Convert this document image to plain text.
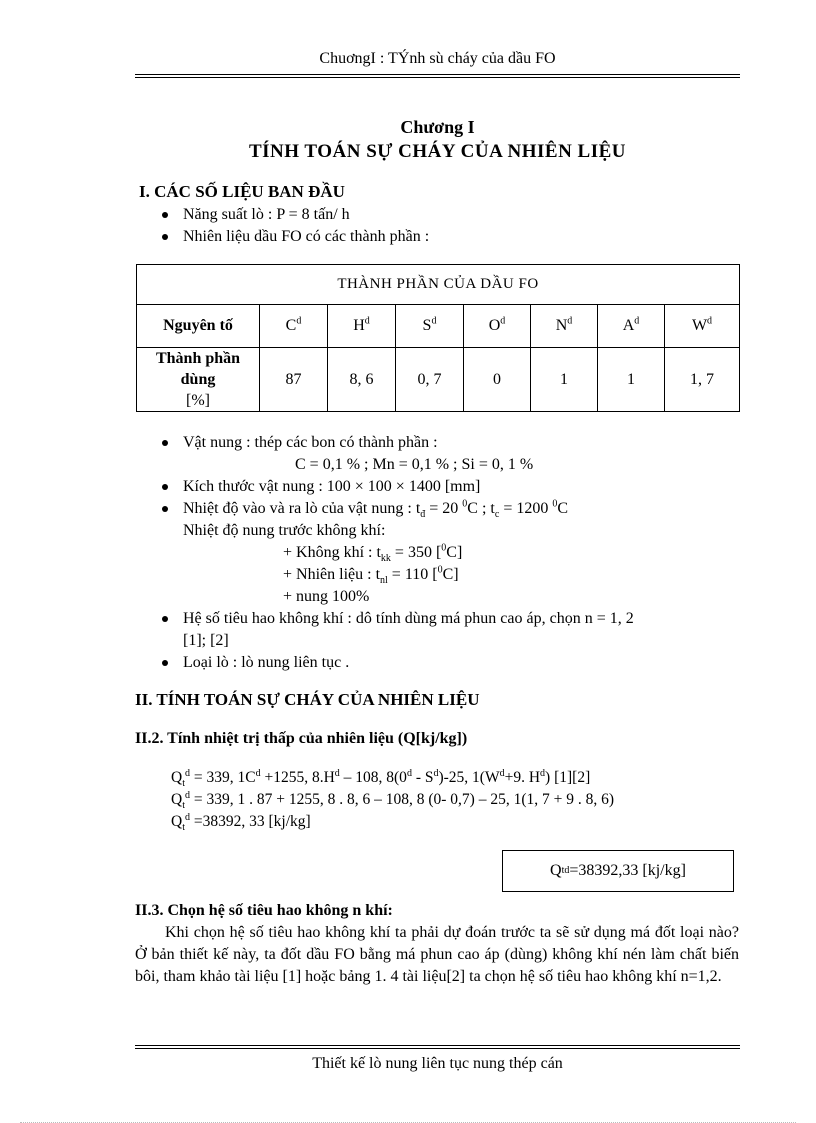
ChuơngI : TÝnh sù cháy của dầu FO
Chương I
TÍNH TOÁN SỰ CHÁY CỦA NHIÊN LIỆU
I. CÁC SỐ LIỆU BAN ĐẦU
Năng suất lò : P = 8 tấn/ h
Nhiên liệu dầu FO có các thành phần :
THÀNH PHẦN CỦA DẦU FO							
Nguyên tố	$C^d$	$H^d$	$S^d$	$O^d$	$N^d$	$A^d$	$W^d$

Thành phần
dùng
[%]	87	8, 6	0, 7	0	1	1	1, 7
Vật nung : thép các bon có thành phần :
C = 0,1 % ; Mn = 0,1 % ; Si = 0, 1 %
Kích thước vật nung : 100 × 100 × 1400 [mm]
Nhiệt độ vào và ra lò của vật nung : $t_đ = 20$ $^0$C ; $t_c = 1200$ $^0$C
Nhiệt độ nung trước không khí:
+ Không khí : $t_{kk} = 350$ [$^0$C]
+ Nhiên liệu : $t_{nl} = 110$ [$^0$C]
+ nung 100%
Hệ số tiêu hao không khí : dô tính dùng má phun cao áp, chọn n = 1, 2
[1]; [2]
Loại lò : lò nung liên tục .
II. TÍNH TOÁN SỰ CHÁY CỦA NHIÊN LIỆU
II.2. Tính nhiệt trị thấp của nhiên liệu (Q[kj/kg])
$Q_t^d = 339$, $1C^d +1255$, $8.H^d - 108$, $8(0^d - S^d)-25$, $1(W^d+9$. $H^d$) [1][2]
$Q_t^d = 339$, 1 . 87 + 1255, 8 . 8, 6 – 108, 8 (0- 0,7) – 25, 1(1, 7 + 9 . 8, 6)
$Q_t^d =38392$, 33 [kj/kg]
Q t d =38392,33 [kj/kg]
II.3. Chọn hệ số tiêu hao không n khí:
Khi chọn hệ số tiêu hao không khí ta phải dự đoán trước ta sẽ sử dụng má đốt loại nào? Ở bản thiết kế này, ta đốt dầu FO bằng má phun cao áp (dùng) không khí nén làm chất biến bôi, tham khảo tài liệu [1] hoặc bảng 1. 4 tài liệu[2] ta chọn hệ số tiêu hao không khí n=1,2.
Thiết kế lò nung liên tục nung thép cán
